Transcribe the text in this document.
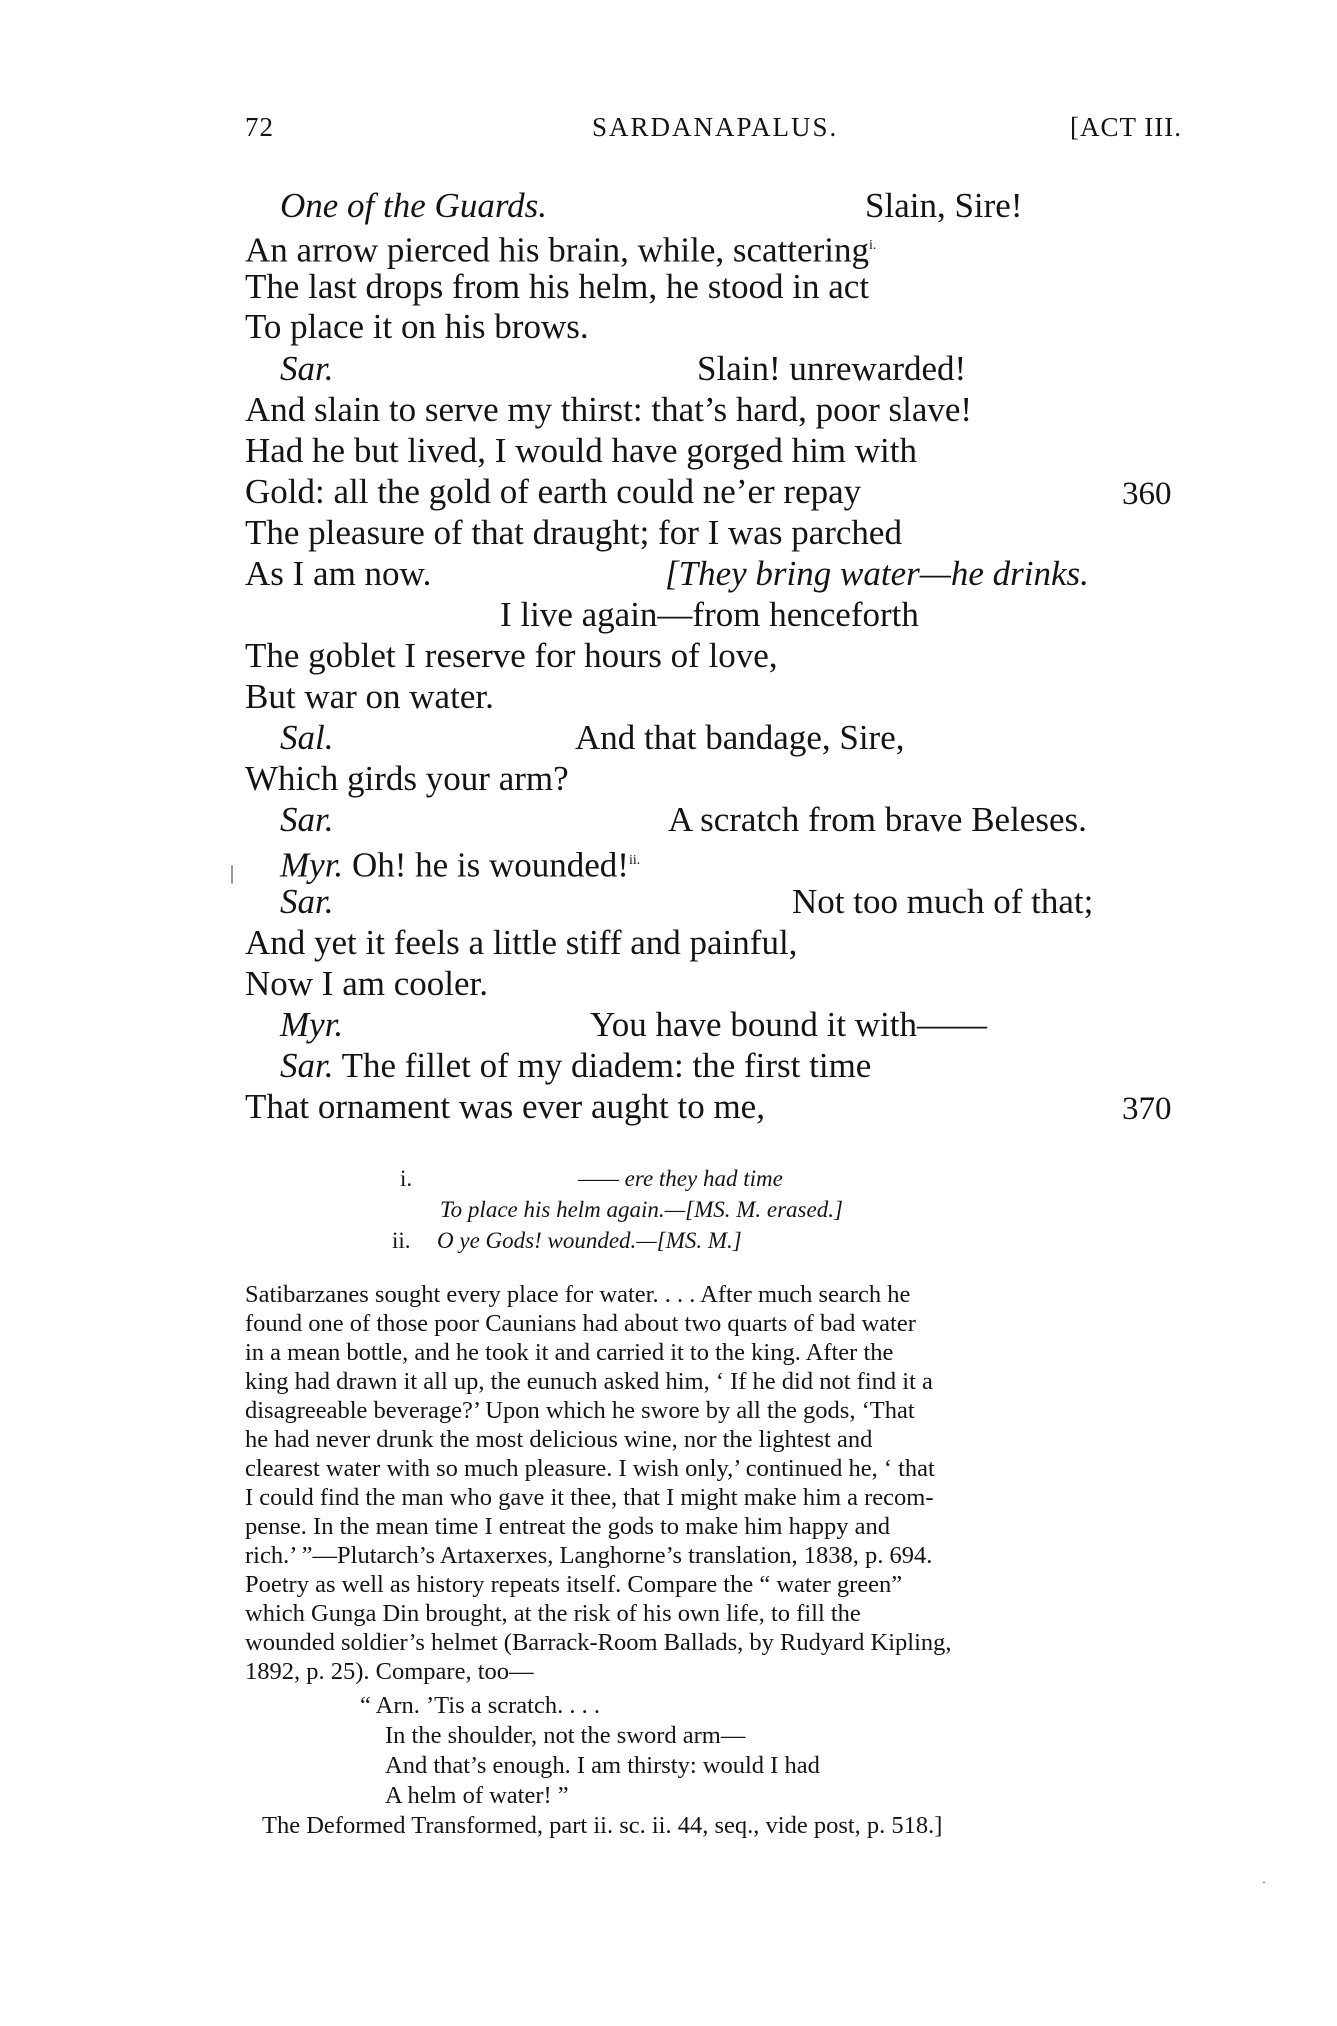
72	SARDANAPALUS.	[ACT III.
One of the Guards.	Slain, Sire!
An arrow pierced his brain, while, scattering$^{i.}$
The last drops from his helm, he stood in act
To place it on his brows.
Sar.	Slain! unrewarded!
And slain to serve my thirst: that’s hard, poor slave!
Had he but lived, I would have gorged him with
Gold: all the gold of earth could ne’er repay	360
The pleasure of that draught; for I was parched
As I am now.	[They bring water—he drinks.
I live again—from henceforth
The goblet I reserve for hours of love,
But war on water.
Sal.	And that bandage, Sire,
Which girds your arm?
Sar.	A scratch from brave Beleses.
Myr. Oh! he is wounded!$^{ii.}$
Sar.	Not too much of that;
And yet it feels a little stiff and painful,
Now I am cooler.
Myr.	You have bound it with——
Sar. The fillet of my diadem: the first time
That ornament was ever aught to me,	370
|
i.	—— ere they had time
To place his helm again.—[MS. M. erased.]
ii. O ye Gods! wounded.—[MS. M.]
Satibarzanes sought every place for water. . . . After much search he
found one of those poor Caunians had about two quarts of bad water
in a mean bottle, and he took it and carried it to the king. After the
king had drawn it all up, the eunuch asked him, ‘ If he did not find it a
disagreeable beverage?’ Upon which he swore by all the gods, ‘That
he had never drunk the most delicious wine, nor the lightest and
clearest water with so much pleasure. I wish only,’ continued he, ‘ that
I could find the man who gave it thee, that I might make him a recom-
pense. In the mean time I entreat the gods to make him happy and
rich.’ ”—Plutarch’s Artaxerxes, Langhorne’s translation, 1838, p. 694.
Poetry as well as history repeats itself. Compare the “ water green”
which Gunga Din brought, at the risk of his own life, to fill the
wounded soldier’s helmet (Barrack-Room Ballads, by Rudyard Kipling,
1892, p. 25). Compare, too—
“ Arn. ’Tis a scratch. . . .
In the shoulder, not the sword arm—
And that’s enough. I am thirsty: would I had
A helm of water! ”
The Deformed Transformed, part ii. sc. ii. 44, seq., vide post, p. 518.]
·
